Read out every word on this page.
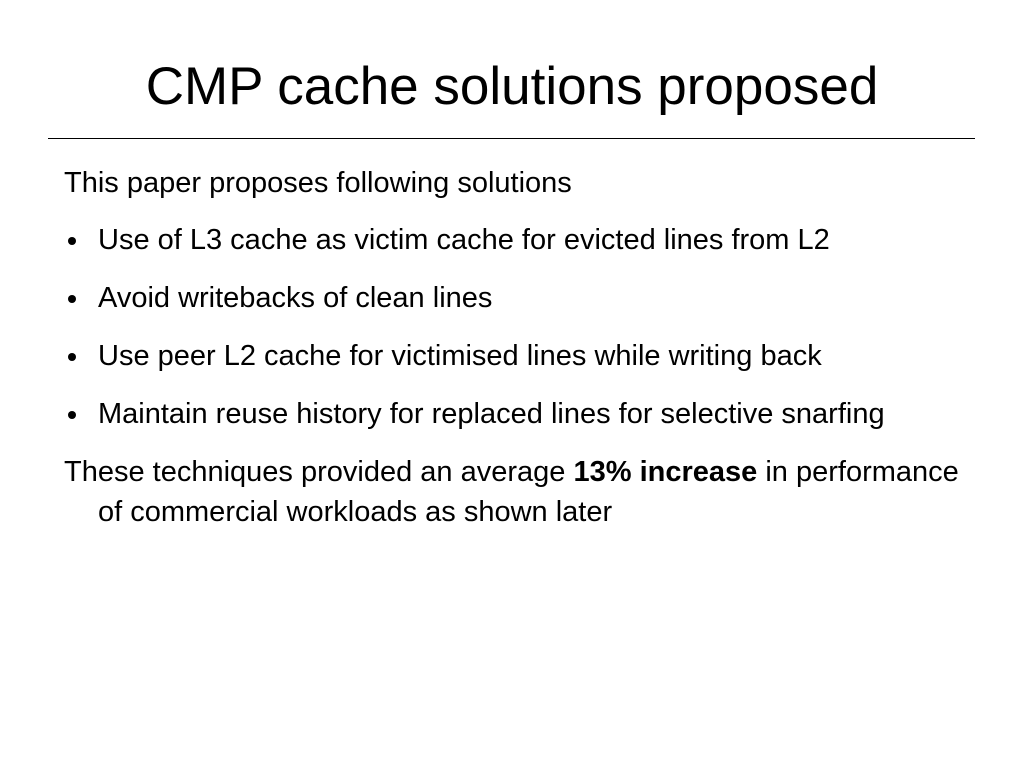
CMP cache solutions proposed

This paper proposes following solutions

Use of L3 cache as victim cache for evicted lines from L2
Avoid writebacks of clean lines
Use peer L2 cache for victimised lines while writing back
Maintain reuse history for replaced lines for selective snarfing

These techniques provided an average 13% increase in performance of commercial workloads as shown later
